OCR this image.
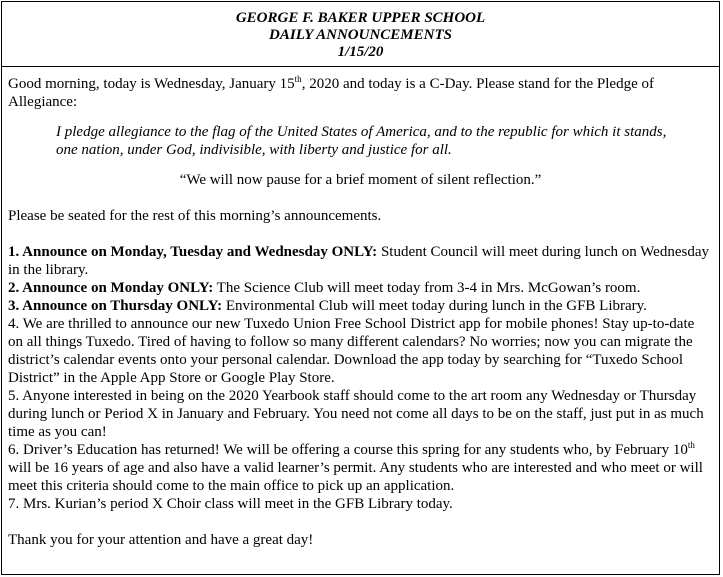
GEORGE F. BAKER UPPER SCHOOL
DAILY ANNOUNCEMENTS
1/15/20

Good morning, today is Wednesday, January 15th, 2020 and today is a C-Day. Please stand for the Pledge of Allegiance:

I pledge allegiance to the flag of the United States of America, and to the republic for which it stands, one nation, under God, indivisible, with liberty and justice for all.

“We will now pause for a brief moment of silent reflection.”

Please be seated for the rest of this morning’s announcements.

1. Announce on Monday, Tuesday and Wednesday ONLY: Student Council will meet during lunch on Wednesday in the library.

2. Announce on Monday ONLY: The Science Club will meet today from 3-4 in Mrs. McGowan’s room.

3. Announce on Thursday ONLY: Environmental Club will meet today during lunch in the GFB Library.

4. We are thrilled to announce our new Tuxedo Union Free School District app for mobile phones! Stay up-to-date on all things Tuxedo. Tired of having to follow so many different calendars? No worries; now you can migrate the district’s calendar events onto your personal calendar. Download the app today by searching for “Tuxedo School District” in the Apple App Store or Google Play Store.

5. Anyone interested in being on the 2020 Yearbook staff should come to the art room any Wednesday or Thursday during lunch or Period X in January and February. You need not come all days to be on the staff, just put in as much time as you can!

6. Driver’s Education has returned! We will be offering a course this spring for any students who, by February 10th will be 16 years of age and also have a valid learner’s permit. Any students who are interested and who meet or will meet this criteria should come to the main office to pick up an application.

7. Mrs. Kurian’s period X Choir class will meet in the GFB Library today.

Thank you for your attention and have a great day!
